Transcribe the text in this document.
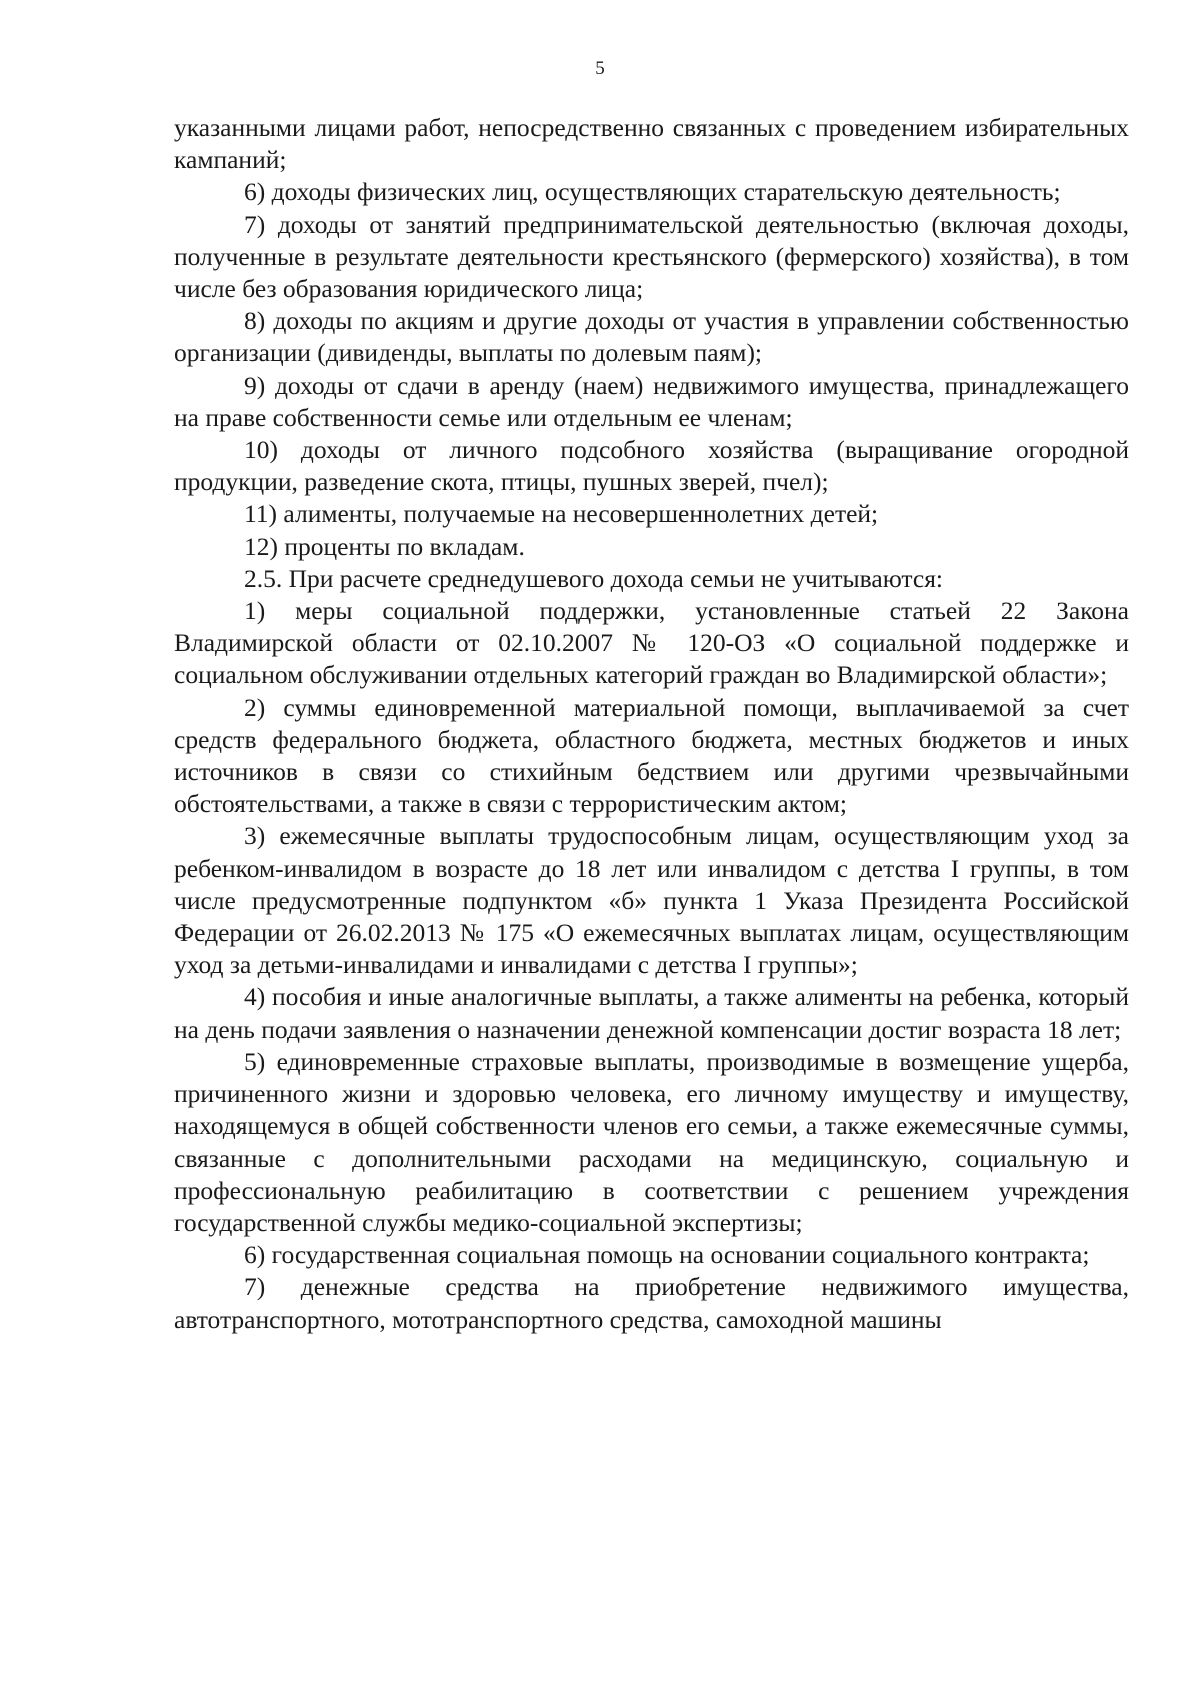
5

указанными лицами работ, непосредственно связанных с проведением избирательных кампаний;

6) доходы физических лиц, осуществляющих старательскую деятельность;

7) доходы от занятий предпринимательской деятельностью (включая доходы, полученные в результате деятельности крестьянского (фермерского) хозяйства), в том числе без образования юридического лица;

8) доходы по акциям и другие доходы от участия в управлении собственностью организации (дивиденды, выплаты по долевым паям);

9) доходы от сдачи в аренду (наем) недвижимого имущества, принадлежащего на праве собственности семье или отдельным ее членам;

10) доходы от личного подсобного хозяйства (выращивание огородной продукции, разведение скота, птицы, пушных зверей, пчел);

11) алименты, получаемые на несовершеннолетних детей;

12) проценты по вкладам.

2.5. При расчете среднедушевого дохода семьи не учитываются:

1) меры социальной поддержки, установленные статьей 22 Закона Владимирской области от 02.10.2007 № 120-ОЗ «О социальной поддержке и социальном обслуживании отдельных категорий граждан во Владимирской области»;

2) суммы единовременной материальной помощи, выплачиваемой за счет средств федерального бюджета, областного бюджета, местных бюджетов и иных источников в связи со стихийным бедствием или другими чрезвычайными обстоятельствами, а также в связи с террористическим актом;

3) ежемесячные выплаты трудоспособным лицам, осуществляющим уход за ребенком-инвалидом в возрасте до 18 лет или инвалидом с детства I группы, в том числе предусмотренные подпунктом «б» пункта 1 Указа Президента Российской Федерации от 26.02.2013 № 175 «О ежемесячных выплатах лицам, осуществляющим уход за детьми-инвалидами и инвалидами с детства I группы»;

4) пособия и иные аналогичные выплаты, а также алименты на ребенка, который на день подачи заявления о назначении денежной компенсации достиг возраста 18 лет;

5) единовременные страховые выплаты, производимые в возмещение ущерба, причиненного жизни и здоровью человека, его личному имуществу и имуществу, находящемуся в общей собственности членов его семьи, а также ежемесячные суммы, связанные с дополнительными расходами на медицинскую, социальную и профессиональную реабилитацию в соответствии с решением учреждения государственной службы медико-социальной экспертизы;

6) государственная социальная помощь на основании социального контракта;

7) денежные средства на приобретение недвижимого имущества, автотранспортного, мототранспортного средства, самоходной машины
